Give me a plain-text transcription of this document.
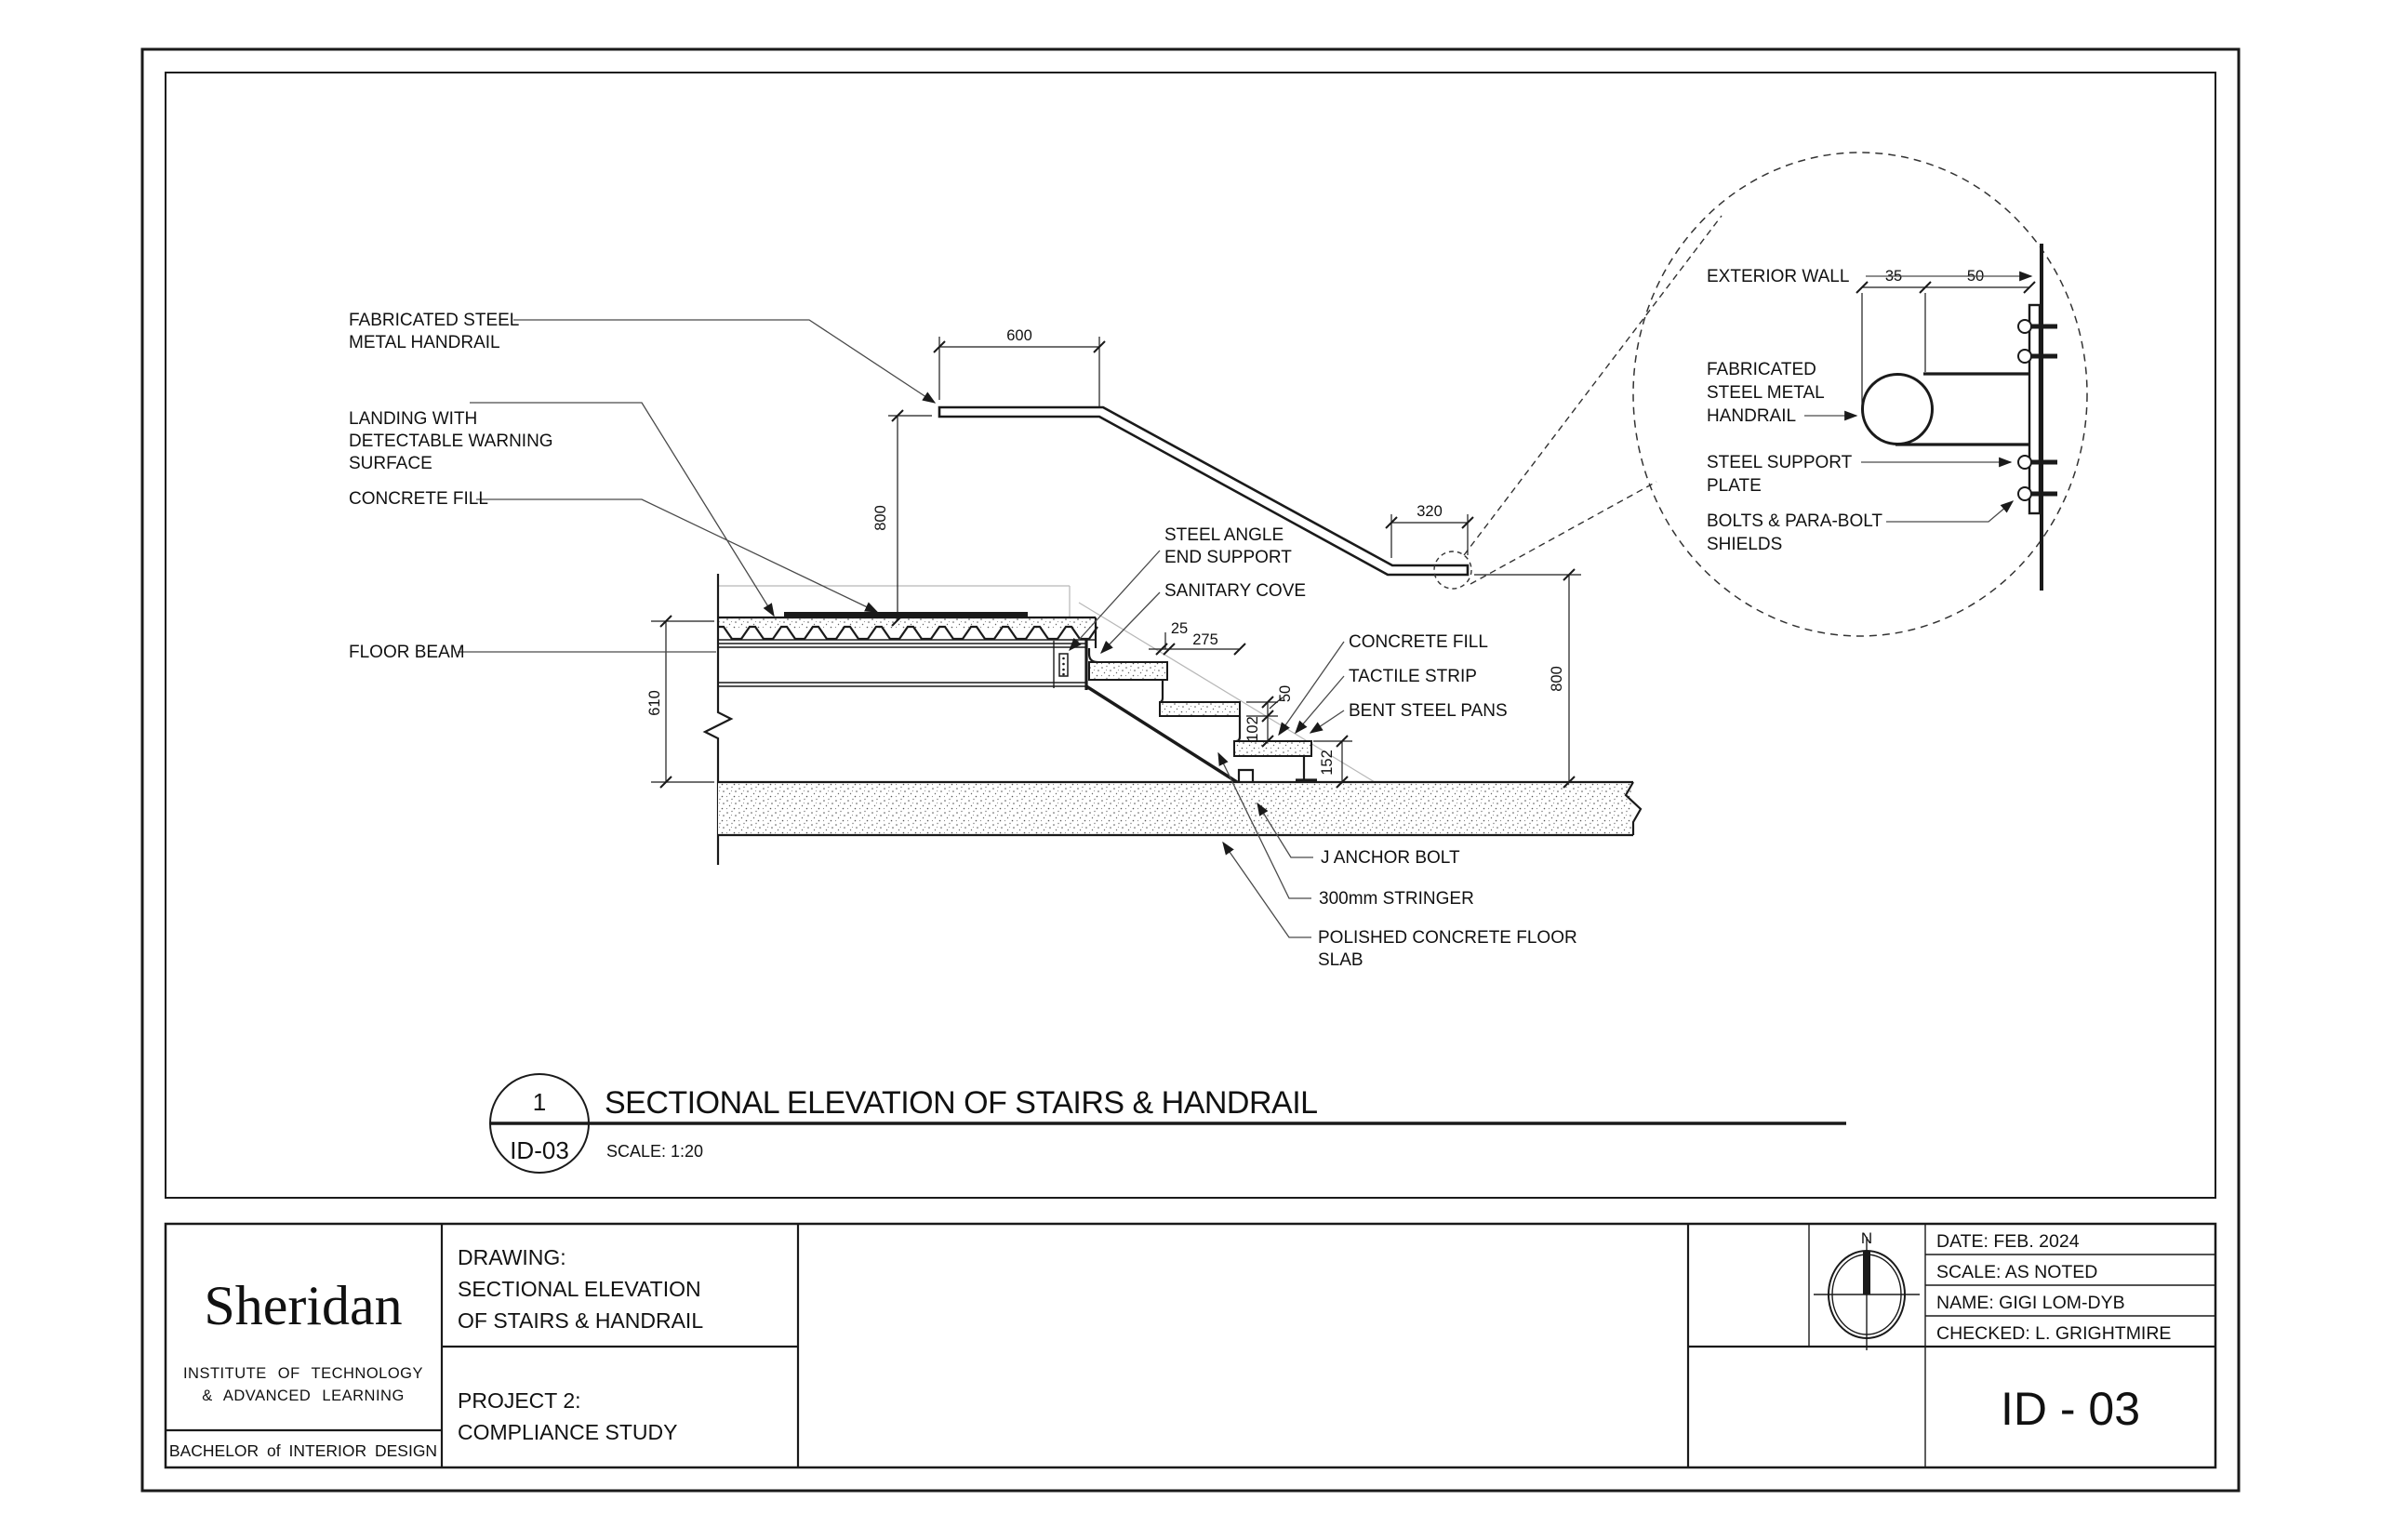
600
800
610
320
800
25
275
50
102
152
FABRICATED STEEL
METAL HANDRAIL
LANDING WITH
DETECTABLE WARNING
SURFACE
CONCRETE FILL
FLOOR BEAM
STEEL ANGLE
END SUPPORT
SANITARY COVE
CONCRETE FILL
TACTILE STRIP
BENT STEEL PANS
J ANCHOR BOLT
300mm STRINGER
POLISHED CONCRETE FLOOR
SLAB
35	50
EXTERIOR WALL
FABRICATED
STEEL METAL
HANDRAIL
STEEL SUPPORT
PLATE
BOLTS & PARA-BOLT
SHIELDS
1
ID-03
SECTIONAL ELEVATION OF STAIRS & HANDRAIL
SCALE: 1:20
Sheridan
INSTITUTE OF TECHNOLOGY
& ADVANCED LEARNING
BACHELOR of INTERIOR DESIGN
DRAWING:
SECTIONAL ELEVATION
OF STAIRS & HANDRAIL
PROJECT 2:
COMPLIANCE STUDY
N	DATE: FEB. 2024
SCALE: AS NOTED
NAME: GIGI LOM-DYB
CHECKED: L. GRIGHTMIRE
ID - 03
